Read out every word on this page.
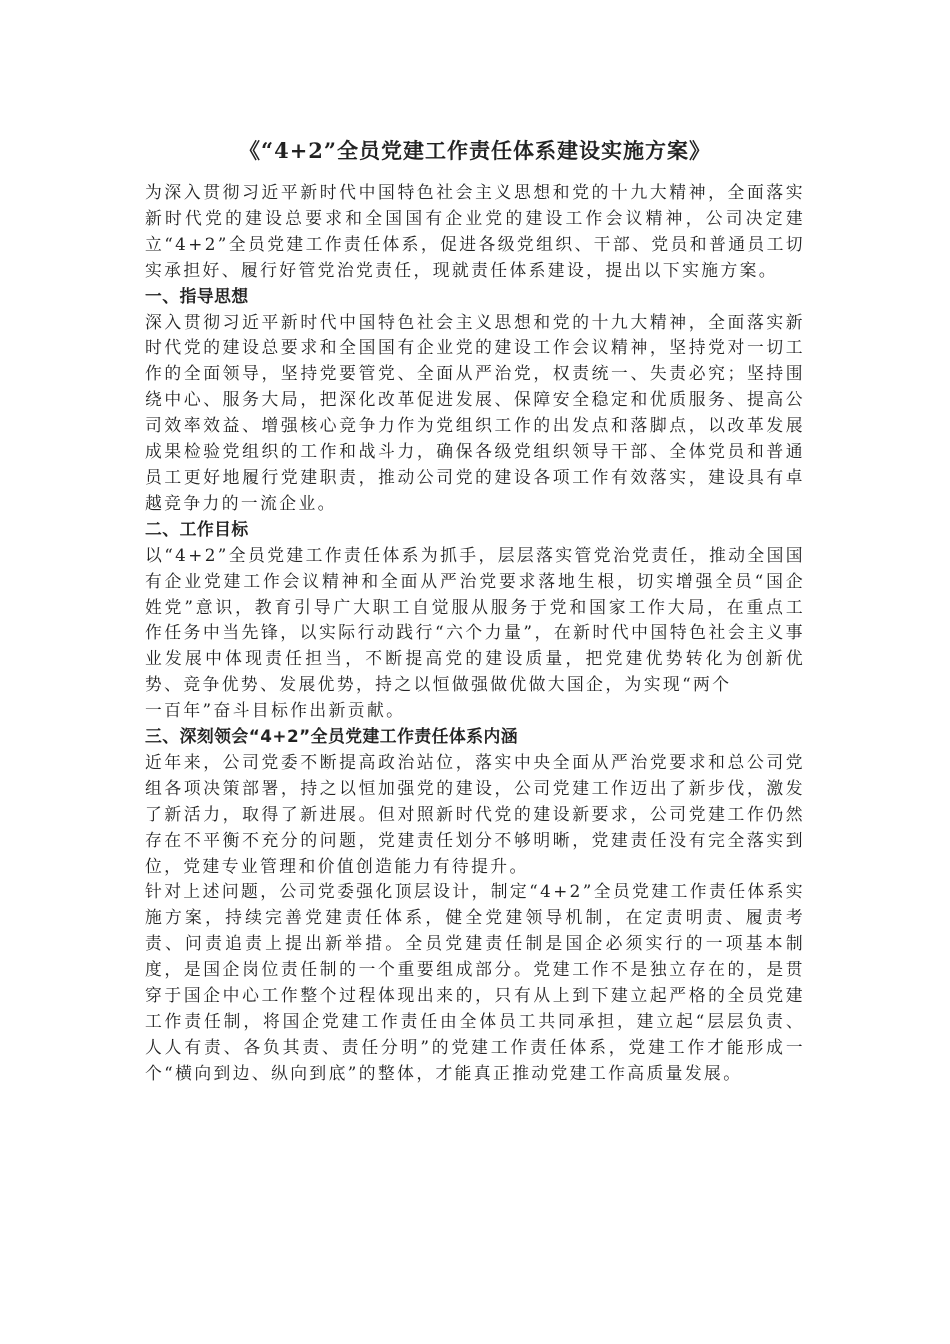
《“4+2”全员党建工作责任体系建设实施方案》

为深入贯彻习近平新时代中国特色社会主义思想和党的十九大精神，全面落实新时代党的建设总要求和全国国有企业党的建设工作会议精神，公司决定建立“4+2”全员党建工作责任体系，促进各级党组织、干部、党员和普通员工切实承担好、履行好管党治党责任，现就责任体系建设，提出以下实施方案。

一、指导思想

深入贯彻习近平新时代中国特色社会主义思想和党的十九大精神，全面落实新时代党的建设总要求和全国国有企业党的建设工作会议精神，坚持党对一切工作的全面领导，坚持党要管党、全面从严治党，权责统一、失责必究；坚持围绕中心、服务大局，把深化改革促进发展、保障安全稳定和优质服务、提高公司效率效益、增强核心竞争力作为党组织工作的出发点和落脚点，以改革发展成果检验党组织的工作和战斗力，确保各级党组织领导干部、全体党员和普通员工更好地履行党建职责，推动公司党的建设各项工作有效落实，建设具有卓越竞争力的一流企业。

二、工作目标

以“4+2”全员党建工作责任体系为抓手，层层落实管党治党责任，推动全国国有企业党建工作会议精神和全面从严治党要求落地生根，切实增强全员“国企姓党”意识，教育引导广大职工自觉服从服务于党和国家工作大局，在重点工作任务中当先锋，以实际行动践行“六个力量”，在新时代中国特色社会主义事业发展中体现责任担当，不断提高党的建设质量，把党建优势转化为创新优势、竞争优势、发展优势，持之以恒做强做优做大国企，为实现“两个

一百年”奋斗目标作出新贡献。

三、深刻领会“4+2”全员党建工作责任体系内涵

近年来，公司党委不断提高政治站位，落实中央全面从严治党要求和总公司党组各项决策部署，持之以恒加强党的建设，公司党建工作迈出了新步伐，激发了新活力，取得了新进展。但对照新时代党的建设新要求，公司党建工作仍然存在不平衡不充分的问题，党建责任划分不够明晰，党建责任没有完全落实到位，党建专业管理和价值创造能力有待提升。

针对上述问题，公司党委强化顶层设计，制定“4+2”全员党建工作责任体系实施方案，持续完善党建责任体系，健全党建领导机制，在定责明责、履责考责、问责追责上提出新举措。全员党建责任制是国企必须实行的一项基本制度，是国企岗位责任制的一个重要组成部分。党建工作不是独立存在的，是贯穿于国企中心工作整个过程体现出来的，只有从上到下建立起严格的全员党建工作责任制，将国企党建工作责任由全体员工共同承担，建立起“层层负责、人人有责、各负其责、责任分明”的党建工作责任体系，党建工作才能形成一个“横向到边、纵向到底”的整体，才能真正推动党建工作高质量发展。
